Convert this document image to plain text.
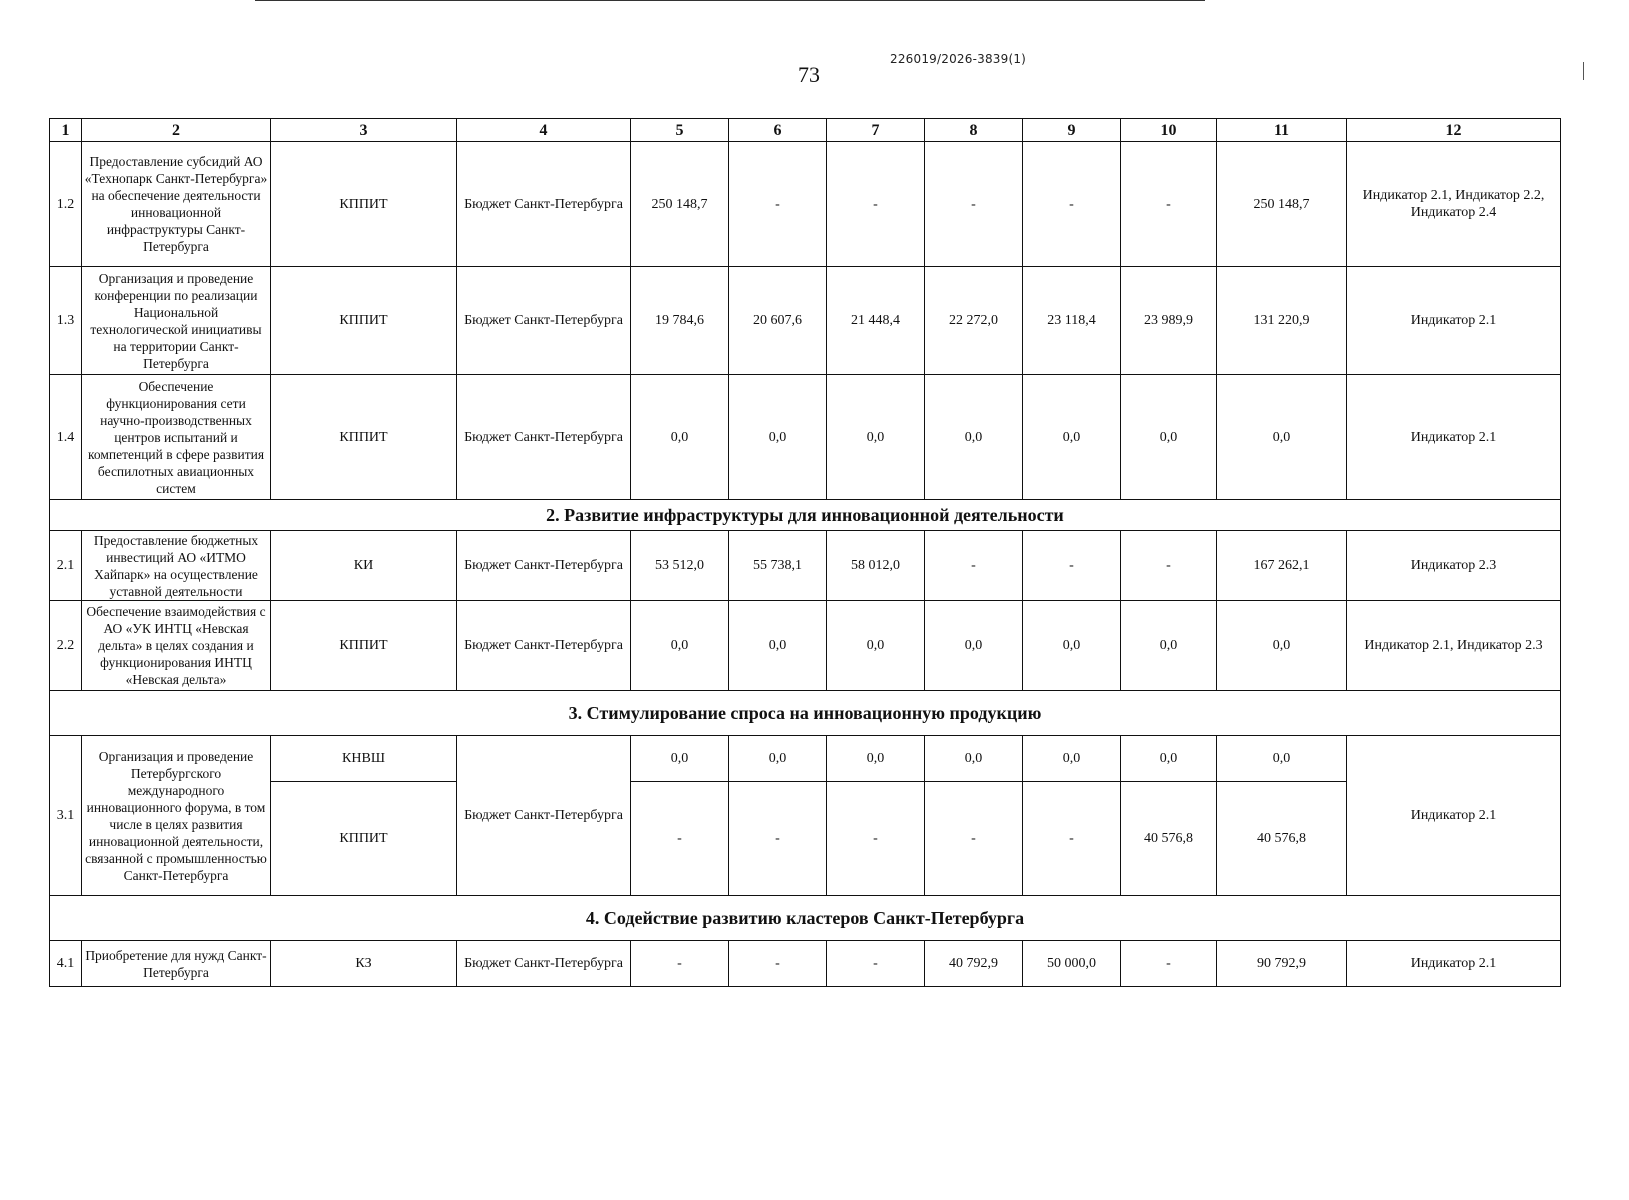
73
226019/2026-3839(1)
1	2	3	4	5	6	7	8	9	10	11	12
1.2	Предоставление субсидий АО «Технопарк Санкт-Петербурга» на обеспечение деятельности инновационной инфраструктуры Санкт-Петербурга	КППИТ	Бюджет Санкт-Петербурга	250 148,7	-	-	-	-	-	250 148,7	Индикатор 2.1, Индикатор 2.2, Индикатор 2.4
1.3	Организация и проведение конференции по реализации Национальной технологической инициативы на территории Санкт-Петербурга	КППИТ	Бюджет Санкт-Петербурга	19 784,6	20 607,6	21 448,4	22 272,0	23 118,4	23 989,9	131 220,9	Индикатор 2.1
1.4	Обеспечение функционирования сети научно-производственных центров испытаний и компетенций в сфере развития беспилотных авиационных систем	КППИТ	Бюджет Санкт-Петербурга	0,0	0,0	0,0	0,0	0,0	0,0	0,0	Индикатор 2.1
2. Развитие инфраструктуры для инновационной деятельности											
2.1	Предоставление бюджетных инвестиций АО «ИТМО Хайпарк» на осуществление уставной деятельности	КИ	Бюджет Санкт-Петербурга	53 512,0	55 738,1	58 012,0	-	-	-	167 262,1	Индикатор 2.3
2.2	Обеспечение взаимодействия с АО «УК ИНТЦ «Невская дельта» в целях создания и функционирования ИНТЦ «Невская дельта»	КППИТ	Бюджет Санкт-Петербурга	0,0	0,0	0,0	0,0	0,0	0,0	0,0	Индикатор 2.1, Индикатор 2.3
3. Стимулирование спроса на инновационную продукцию											
3.1	Организация и проведение Петербургского международного инновационного форума, в том числе в целях развития инновационной деятельности, связанной с промышленностью Санкт-Петербурга	КНВШ	Бюджет Санкт-Петербурга	0,0	0,0	0,0	0,0	0,0	0,0	0,0	Индикатор 2.1
		КППИТ		-	-	-	-	-	40 576,8	40 576,8	
4. Содействие развитию кластеров Санкт-Петербурга											
4.1	Приобретение для нужд Санкт-Петербурга	КЗ	Бюджет Санкт-Петербурга	-	-	-	40 792,9	50 000,0	-	90 792,9	Индикатор 2.1
